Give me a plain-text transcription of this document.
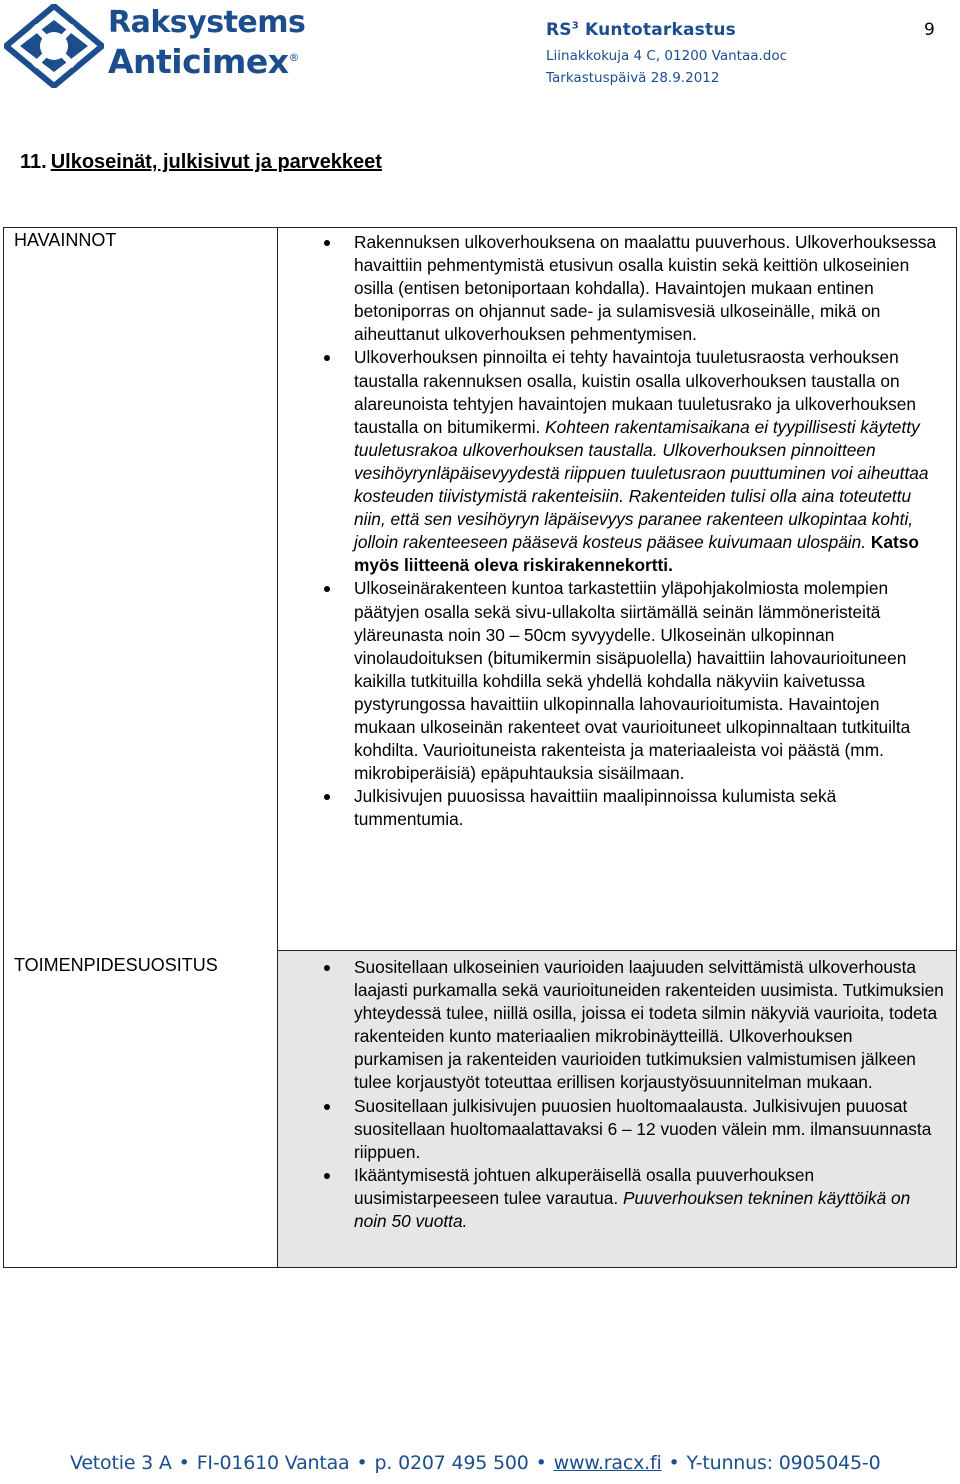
Raksystems
Anticimex®
$RS^3$ Kuntotarkastus
Liinakkokuja 4 C, 01200 Vantaa.doc
Tarkastuspäivä 28.9.2012
9
11. Ulkoseinät, julkisivut ja parvekkeet
HAVAINNOT
TOIMENPIDESUOSITUS
Rakennuksen ulkoverhouksena on maalattu puuverhous. Ulkoverhouksessa havaittiin pehmentymistä etusivun osalla kuistin sekä keittiön ulkoseinien osilla (entisen betoniportaan kohdalla). Havaintojen mukaan entinen betoniporras on ohjannut sade- ja sulamisvesiä ulkoseinälle, mikä on aiheuttanut ulkoverhouksen pehmentymisen.
Ulkoverhouksen pinnoilta ei tehty havaintoja tuuletusraosta verhouksen taustalla rakennuksen osalla, kuistin osalla ulkoverhouksen taustalla on alareunoista tehtyjen havaintojen mukaan tuuletusrako ja ulkoverhouksen taustalla on bitumikermi. Kohteen rakentamisaikana ei tyypillisesti käytetty tuuletusrakoa ulkoverhouksen taustalla. Ulkoverhouksen pinnoitteen vesihöyrynläpäisevyydestä riippuen tuuletusraon puuttuminen voi aiheuttaa kosteuden tiivistymistä rakenteisiin. Rakenteiden tulisi olla aina toteutettu niin, että sen vesihöyryn läpäisevyys paranee rakenteen ulkopintaa kohti, jolloin rakenteeseen pääsevä kosteus pääsee kuivumaan ulospäin. Katso myös liitteenä oleva riskirakennekortti.
Ulkoseinärakenteen kuntoa tarkastettiin yläpohjakolmiosta molempien päätyjen osalla sekä sivu-ullakolta siirtämällä seinän lämmöneristeitä yläreunasta noin 30 – 50cm syvyydelle. Ulkoseinän ulkopinnan vinolaudoituksen (bitumikermin sisäpuolella) havaittiin lahovaurioituneen kaikilla tutkituilla kohdilla sekä yhdellä kohdalla näkyviin kaivetussa pystyrungossa havaittiin ulkopinnalla lahovaurioitumista. Havaintojen mukaan ulkoseinän rakenteet ovat vaurioituneet ulkopinnaltaan tutkituilta kohdilta. Vaurioituneista rakenteista ja materiaaleista voi päästä (mm. mikrobiperäisiä) epäpuhtauksia sisäilmaan.
Julkisivujen puuosissa havaittiin maalipinnoissa kulumista sekä tummentumia.
Suositellaan ulkoseinien vaurioiden laajuuden selvittämistä ulkoverhousta laajasti purkamalla sekä vaurioituneiden rakenteiden uusimista. Tutkimuksien yhteydessä tulee, niillä osilla, joissa ei todeta silmin näkyviä vaurioita, todeta rakenteiden kunto materiaalien mikrobinäytteillä. Ulkoverhouksen purkamisen ja rakenteiden vaurioiden tutkimuksien valmistumisen jälkeen tulee korjaustyöt toteuttaa erillisen korjaustyösuunnitelman mukaan.
Suositellaan julkisivujen puuosien huoltomaalausta. Julkisivujen puuosat suositellaan huoltomaalattavaksi 6 – 12 vuoden välein mm. ilmansuunnasta riippuen.
Ikääntymisestä johtuen alkuperäisellä osalla puuverhouksen uusimistarpeeseen tulee varautua. Puuverhouksen tekninen käyttöikä on noin 50 vuotta.
Vetotie 3 A • FI-01610 Vantaa • p. 0207 495 500 • www.racx.fi • Y-tunnus: 0905045-0
